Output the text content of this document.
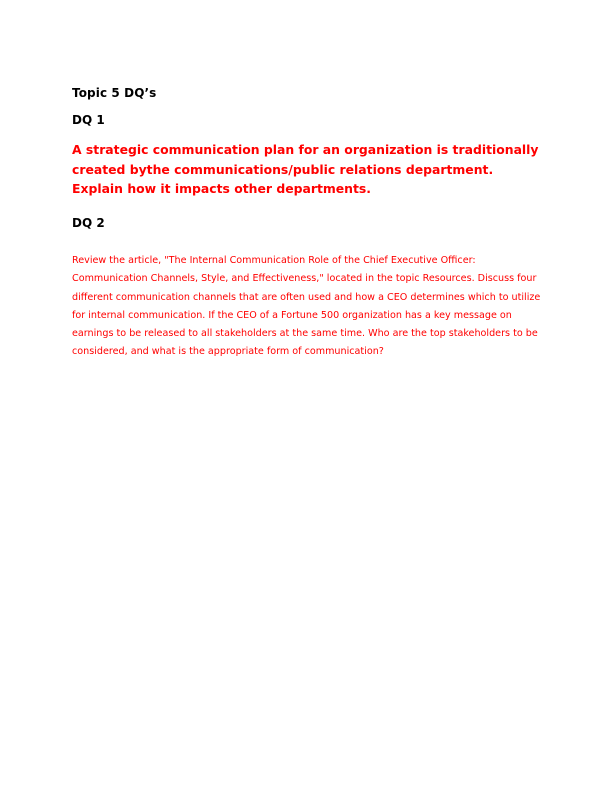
Topic 5 DQ’s
DQ 1

A strategic communication plan for an organization is traditionally created bythe communications/public relations department. Explain how it impacts other departments.

DQ 2

Review the article, "The Internal Communication Role of the Chief Executive Officer: Communication Channels, Style, and Effectiveness," located in the topic Resources. Discuss four different communication channels that are often used and how a CEO determines which to utilize for internal communication. If the CEO of a Fortune 500 organization has a key message on earnings to be released to all stakeholders at the same time. Who are the top stakeholders to be considered, and what is the appropriate form of communication?
